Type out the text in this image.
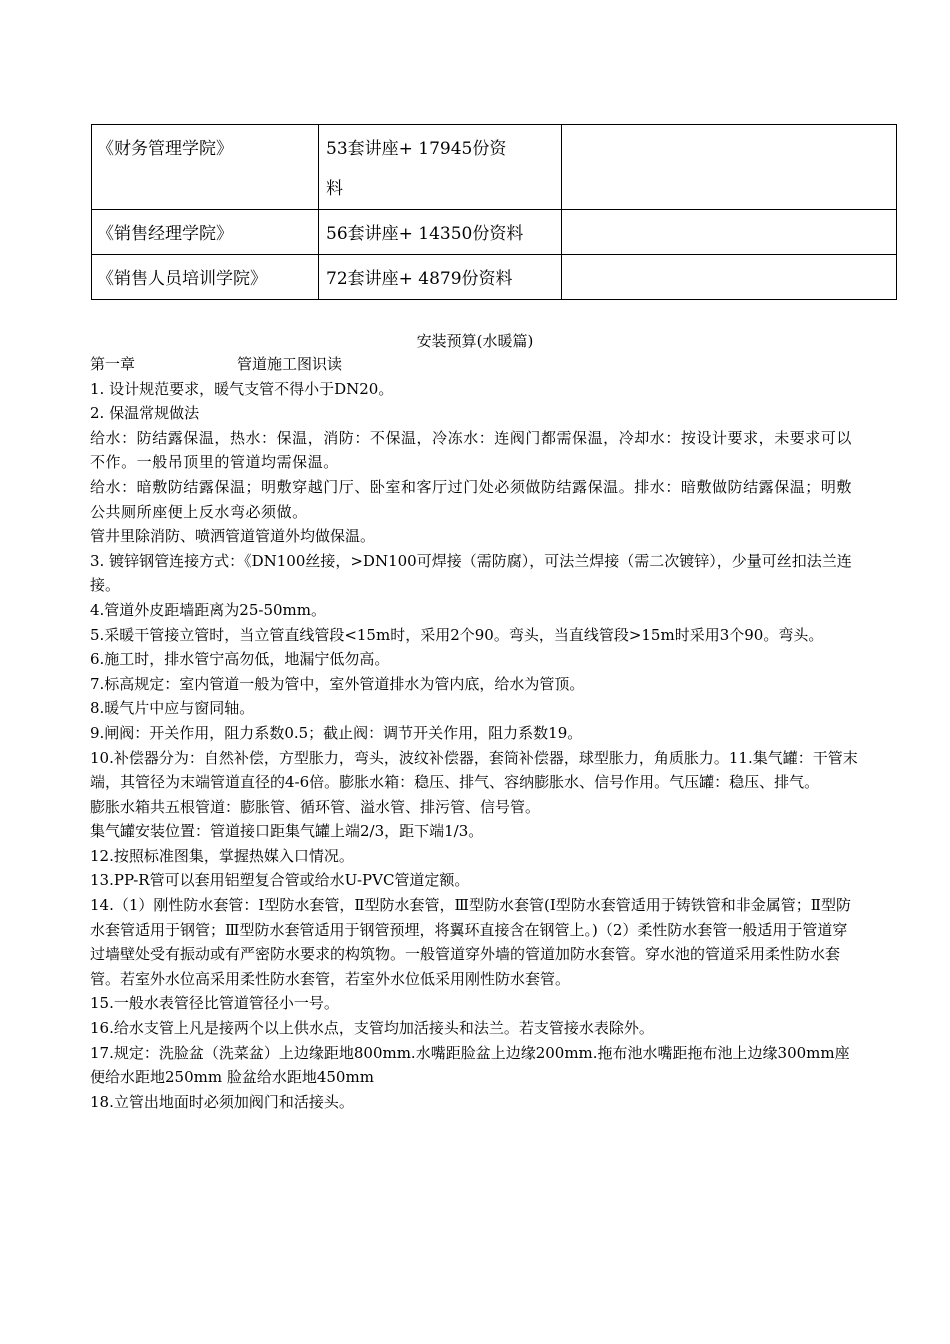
《财务管理学院》	53套讲座+ 17945份资
料	
《销售经理学院》	56套讲座+ 14350份资料	
《销售人员培训学院》	72套讲座+ 4879份资料	
安装预算(水暖篇)

第一章	管道施工图识读

1. 设计规范要求，暖气支管不得小于DN20。

2. 保温常规做法

给水：防结露保温，热水：保温，消防：不保温，冷冻水：连阀门都需保温，冷却水：按设计要求，未要求可以不作。一般吊顶里的管道均需保温。

给水：暗敷防结露保温；明敷穿越门厅、卧室和客厅过门处必须做防结露保温。排水：暗敷做防结露保温；明敷公共厕所座便上反水弯必须做。

管井里除消防、喷洒管道管道外均做保温。

3. 镀锌钢管连接方式：《DN100丝接，>DN100可焊接（需防腐），可法兰焊接（需二次镀锌），少量可丝扣法兰连接。

4.管道外皮距墙距离为25-50mm。

5.采暖干管接立管时，当立管直线管段<15m时，采用2个90。弯头，当直线管段>15m时采用3个90。弯头。

6.施工时，排水管宁高勿低，地漏宁低勿高。

7.标高规定：室内管道一般为管中，室外管道排水为管内底，给水为管顶。

8.暖气片中应与窗同轴。

9.闸阀：开关作用，阻力系数0.5；截止阀：调节开关作用，阻力系数19。

10.补偿器分为：自然补偿，方型胀力，弯头，波纹补偿器，套筒补偿器，球型胀力，角质胀力。11.集气罐：干管末端，其管径为末端管道直径的4-6倍。膨胀水箱：稳压、排气、容纳膨胀水、信号作用。气压罐：稳压、排气。

膨胀水箱共五根管道：膨胀管、循环管、溢水管、排污管、信号管。

集气罐安装位置：管道接口距集气罐上端2/3，距下端1/3。

12.按照标准图集，掌握热媒入口情况。

13.PP-R管可以套用铝塑复合管或给水U-PVC管道定额。

14.（1）刚性防水套管：Ⅰ型防水套管，Ⅱ型防水套管，Ⅲ型防水套管(Ⅰ型防水套管适用于铸铁管和非金属管；Ⅱ型防水套管适用于钢管；Ⅲ型防水套管适用于钢管预埋，将翼环直接含在钢管上。)（2）柔性防水套管一般适用于管道穿过墙壁处受有振动或有严密防水要求的构筑物。一般管道穿外墙的管道加防水套管。穿水池的管道采用柔性防水套管。若室外水位高采用柔性防水套管，若室外水位低采用刚性防水套管。

15.一般水表管径比管道管径小一号。

16.给水支管上凡是接两个以上供水点，支管均加活接头和法兰。若支管接水表除外。

17.规定：洗脸盆（洗菜盆）上边缘距地800mm.水嘴距脸盆上边缘200mm.拖布池水嘴距拖布池上边缘300mm座便给水距地250mm 脸盆给水距地450mm

18.立管出地面时必须加阀门和活接头。
